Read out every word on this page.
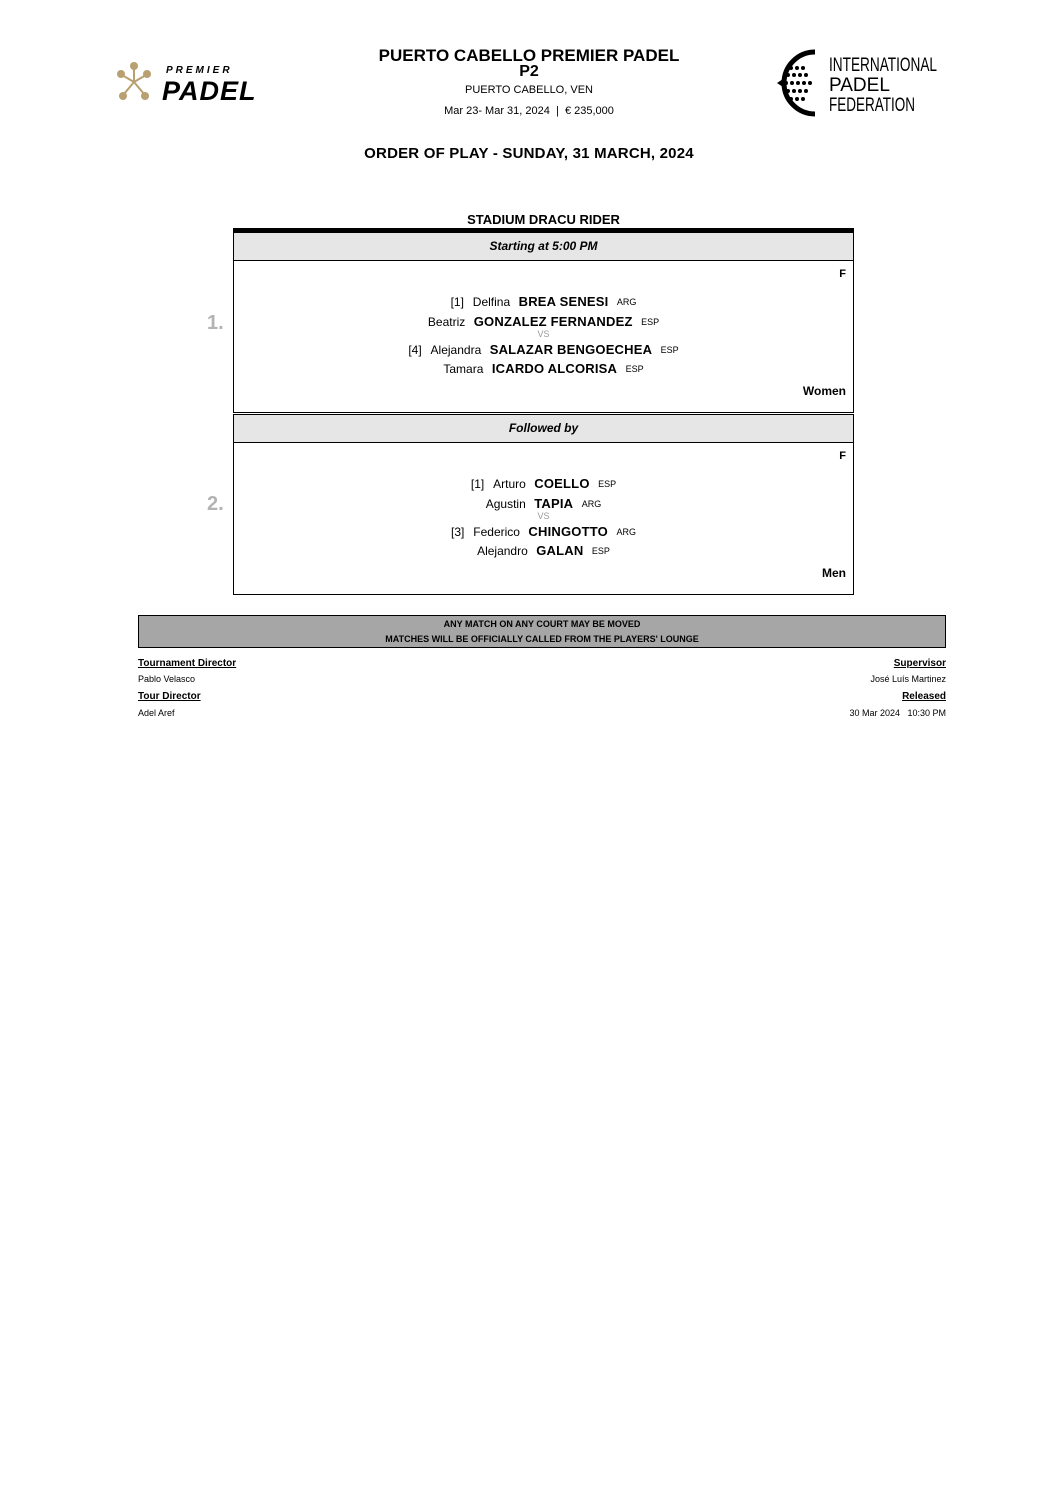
PREMIER
PADEL
PUERTO CABELLO PREMIER PADEL
P2
PUERTO CABELLO, VEN
Mar 23- Mar 31, 2024  |  € 235,000
INTERNATIONAL
PADEL
FEDERATION
ORDER OF PLAY - SUNDAY, 31 MARCH, 2024
STADIUM DRACU RIDER
1.
Starting at 5:00 PM
F
[1] Delfina BREA SENESI ARG
Beatriz GONZALEZ FERNANDEZ ESP
VS
[4] Alejandra SALAZAR BENGOECHEA ESP
Tamara ICARDO ALCORISA ESP
Women
2.
Followed by
F
[1] Arturo COELLO ESP
Agustin TAPIA ARG
VS
[3] Federico CHINGOTTO ARG
Alejandro GALAN ESP
Men
ANY MATCH ON ANY COURT MAY BE MOVED
MATCHES WILL BE OFFICIALLY CALLED FROM THE PLAYERS' LOUNGE
Tournament Director
Pablo Velasco
Tour Director
Adel Aref
Supervisor
José Luís Martinez
Released
30 Mar 2024   10:30 PM
